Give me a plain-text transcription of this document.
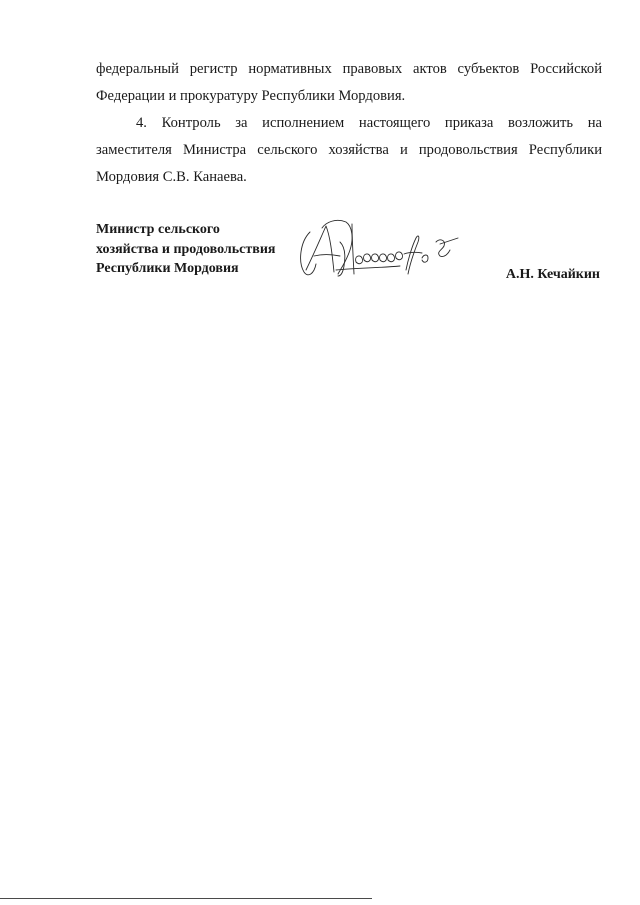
федеральный регистр нормативных правовых актов субъектов Российской Федерации и прокуратуру Республики Мордовия.

4. Контроль за исполнением настоящего приказа возложить на заместителя Министра сельского хозяйства и продовольствия Республики Мордовия С.В. Канаева.

Министр сельского
хозяйства и продовольствия
Республики Мордовия	А.Н. Кечайкин
